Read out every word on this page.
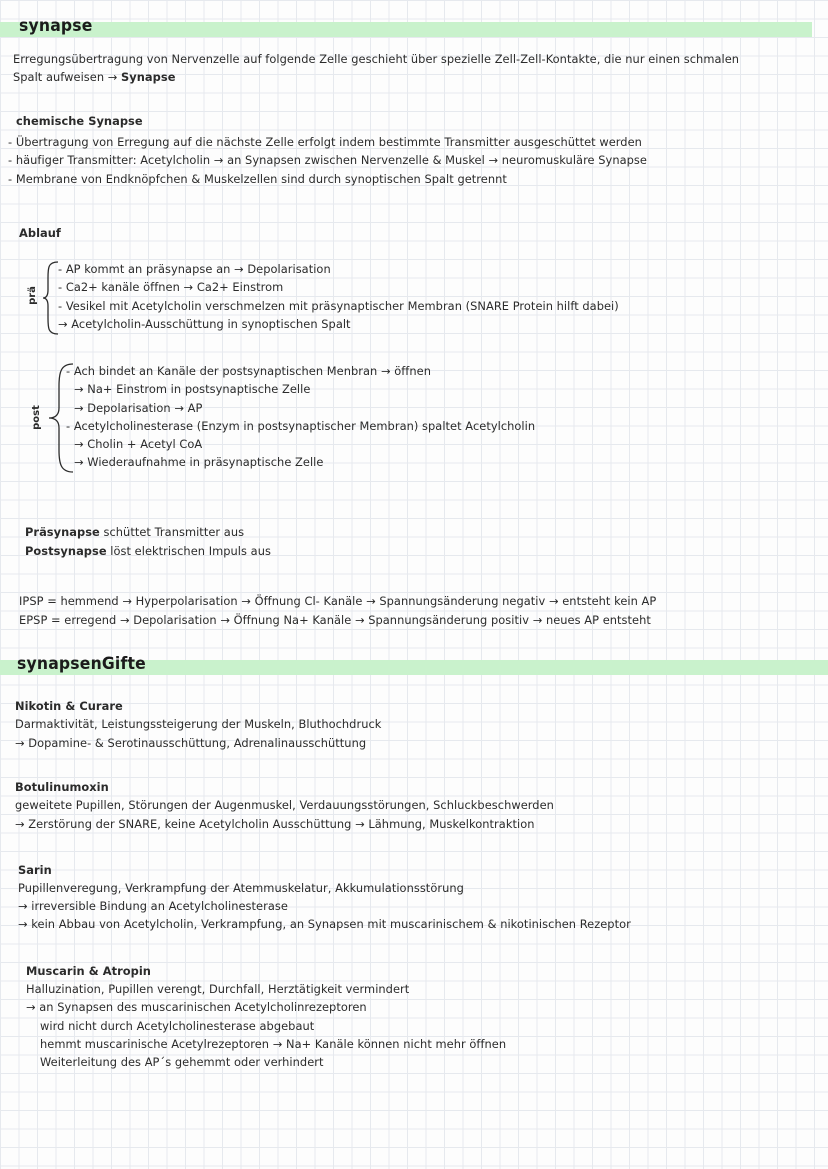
synapse
Erregungsübertragung von Nervenzelle auf folgende Zelle geschieht über spezielle Zell-Zell-Kontakte, die nur einen schmalen
Spalt aufweisen → Synapse
chemische Synapse
- Übertragung von Erregung auf die nächste Zelle erfolgt indem bestimmte Transmitter ausgeschüttet werden
- häufiger Transmitter: Acetylcholin → an Synapsen zwischen Nervenzelle & Muskel → neuromuskuläre Synapse
- Membrane von Endknöpfchen & Muskelzellen sind durch synoptischen Spalt getrennt
Ablauf
prä
- AP kommt an präsynapse an → Depolarisation
- Ca2+ kanäle öffnen → Ca2+ Einstrom
- Vesikel mit Acetylcholin verschmelzen mit präsynaptischer Membran (SNARE Protein hilft dabei)
→ Acetylcholin-Ausschüttung in synoptischen Spalt
post
- Ach bindet an Kanäle der postsynaptischen Menbran → öffnen
→ Na+ Einstrom in postsynaptische Zelle
→ Depolarisation → AP
- Acetylcholinesterase (Enzym in postsynaptischer Membran) spaltet Acetylcholin
→ Cholin + Acetyl CoA
→ Wiederaufnahme in präsynaptische Zelle
Präsynapse schüttet Transmitter aus
Postsynapse löst elektrischen Impuls aus
IPSP = hemmend → Hyperpolarisation → Öffnung Cl- Kanäle → Spannungsänderung negativ → entsteht kein AP
EPSP = erregend → Depolarisation → Öffnung Na+ Kanäle → Spannungsänderung positiv → neues AP entsteht
synapsenGifte
Nikotin & Curare
Darmaktivität, Leistungssteigerung der Muskeln, Bluthochdruck
→ Dopamine- & Serotinausschüttung, Adrenalinausschüttung
Botulinumoxin
geweitete Pupillen, Störungen der Augenmuskel, Verdauungsstörungen, Schluckbeschwerden
→ Zerstörung der SNARE, keine Acetylcholin Ausschüttung → Lähmung, Muskelkontraktion
Sarin
Pupillenveregung, Verkrampfung der Atemmuskelatur, Akkumulationsstörung
→ irreversible Bindung an Acetylcholinesterase
→ kein Abbau von Acetylcholin, Verkrampfung, an Synapsen mit muscarinischem & nikotinischen Rezeptor
Muscarin & Atropin
Halluzination, Pupillen verengt, Durchfall, Herztätigkeit vermindert
→ an Synapsen des muscarinischen Acetylcholinrezeptoren
wird nicht durch Acetylcholinesterase abgebaut
hemmt muscarinische Acetylrezeptoren → Na+ Kanäle können nicht mehr öffnen
Weiterleitung des AP´s gehemmt oder verhindert
